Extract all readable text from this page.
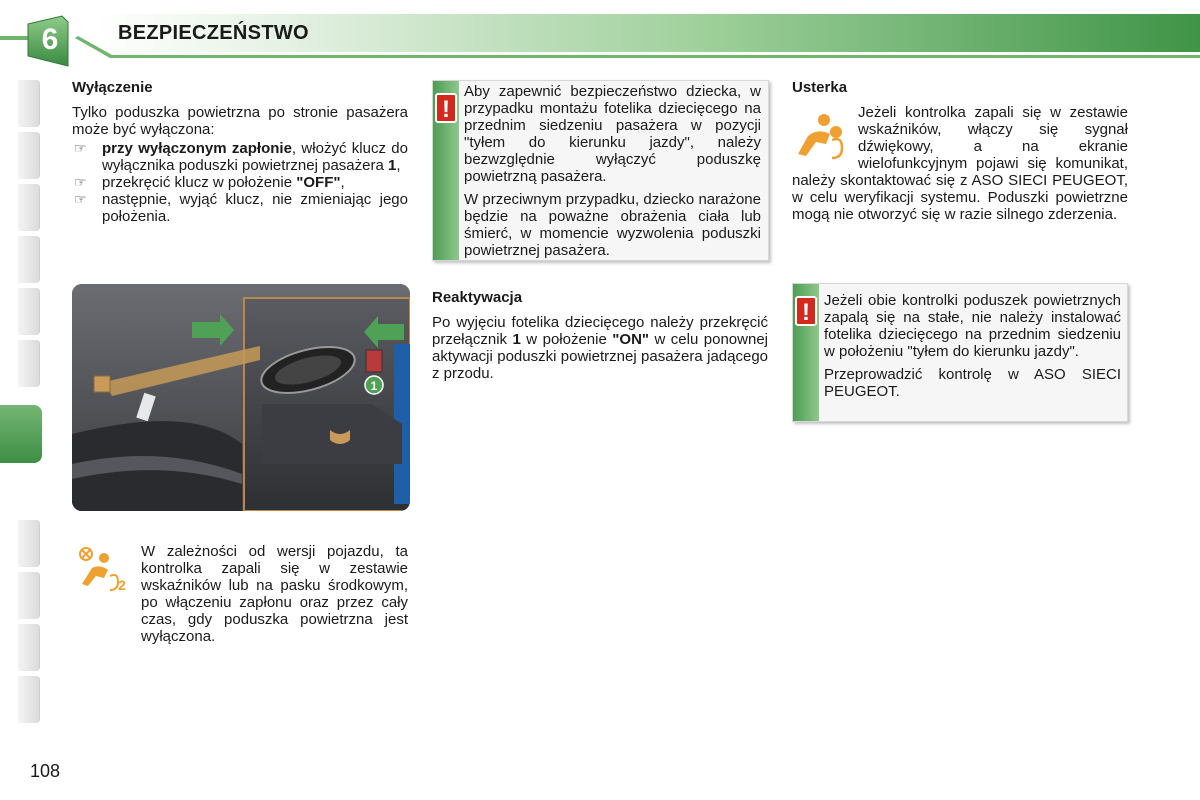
6	BEZPIECZEŃSTWO
Wyłączenie
Tylko poduszka powietrzna po stronie pasażera może być wyłączona:
☞ przy wyłączonym zapłonie, włożyć klucz do wyłącznika poduszki powietrznej pasażera 1,
☞ przekręcić klucz w położenie "OFF",
☞ następnie, wyjąć klucz, nie zmieniając jego położenia.
1
2
W zależności od wersji pojazdu, ta kontrolka zapali się w zestawie wskaźników lub na pasku środkowym, po włączeniu zapłonu oraz przez cały czas, gdy poduszka powietrzna jest wyłączona.
!

Aby zapewnić bezpieczeństwo dziecka, w przypadku montażu fotelika dziecięcego na przednim siedzeniu pasażera w pozycji "tyłem do kierunku jazdy", należy bezwzględnie wyłączyć poduszkę powietrzną pasażera.

W przeciwnym przypadku, dziecko narażone będzie na poważne obrażenia ciała lub śmierć, w momencie wyzwolenia poduszki powietrznej pasażera.

Reaktywacja
Po wyjęciu fotelika dziecięcego należy przekręcić przełącznik 1 w położenie "ON" w celu ponownej aktywacji poduszki powietrznej pasażera jadącego z przodu.
Usterka
Jeżeli kontrolka zapali się w zestawie wskaźników, włączy się sygnał dźwiękowy, a na ekranie wielofunkcyjnym pojawi się komunikat, należy skontaktować się z ASO SIECI PEUGEOT, w celu weryfikacji systemu. Poduszki powietrzne mogą nie otworzyć się w razie silnego zderzenia.
! Jeżeli obie kontrolki poduszek powietrznych zapalą się na stałe, nie należy instalować fotelika dziecięcego na przednim siedzeniu w położeniu "tyłem do kierunku jazdy".

Przeprowadzić kontrolę w ASO SIECI PEUGEOT.

108
